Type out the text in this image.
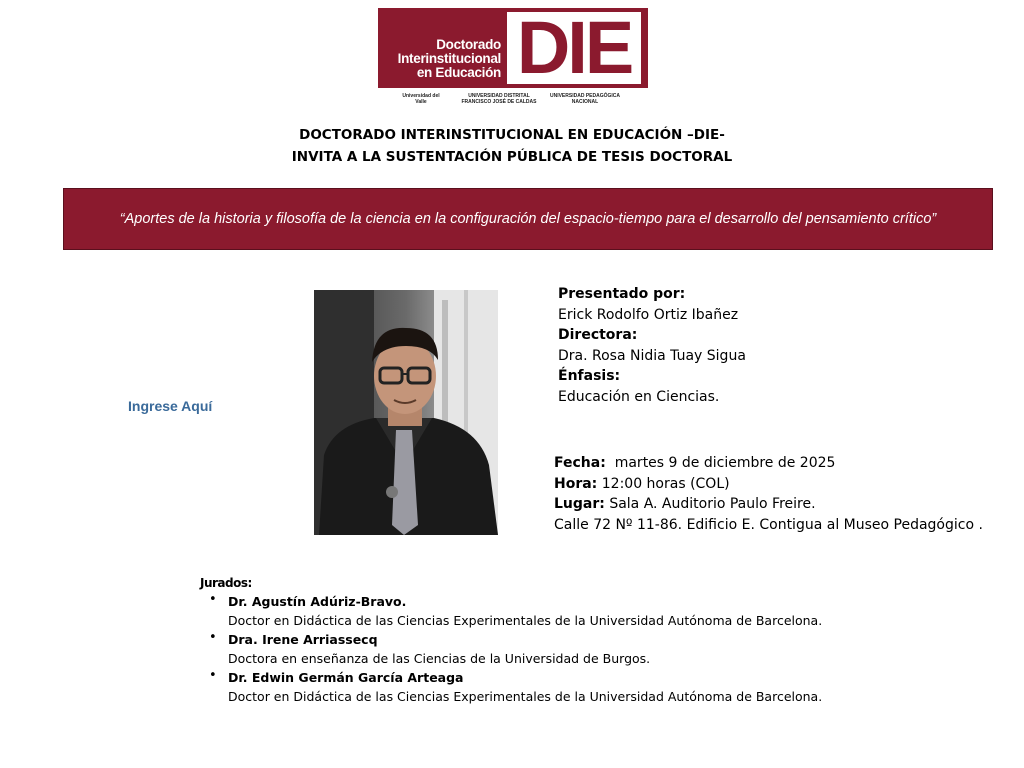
Doctorado
Interinstitucional
en Educación DIE
Universidad del Valle
UNIVERSIDAD DISTRITAL FRANCISCO JOSÉ DE CALDAS
UNIVERSIDAD PEDAGÓGICA NACIONAL
DOCTORADO INTERINSTITUCIONAL EN EDUCACIÓN –DIE-
INVITA A LA SUSTENTACIÓN PÚBLICA DE TESIS DOCTORAL
“Aportes de la historia y filosofía de la ciencia en la configuración del espacio-tiempo para el desarrollo del pensamiento crítico”
Ingrese Aquí
Presentado por:
Erick Rodolfo Ortiz Ibañez
Directora:
Dra. Rosa Nidia Tuay Sigua
Énfasis:
Educación en Ciencias.
Fecha: martes 9 de diciembre de 2025
Hora: 12:00 horas (COL)
Lugar: Sala A. Auditorio Paulo Freire.
Calle 72 Nº 11-86. Edificio E. Contigua al Museo Pedagógico .
Jurados:
• Dr. Agustín Adúriz-Bravo.
Doctor en Didáctica de las Ciencias Experimentales de la Universidad Autónoma de Barcelona.
• Dra. Irene Arriassecq
Doctora en enseñanza de las Ciencias de la Universidad de Burgos.
• Dr. Edwin Germán García Arteaga
Doctor en Didáctica de las Ciencias Experimentales de la Universidad Autónoma de Barcelona.
